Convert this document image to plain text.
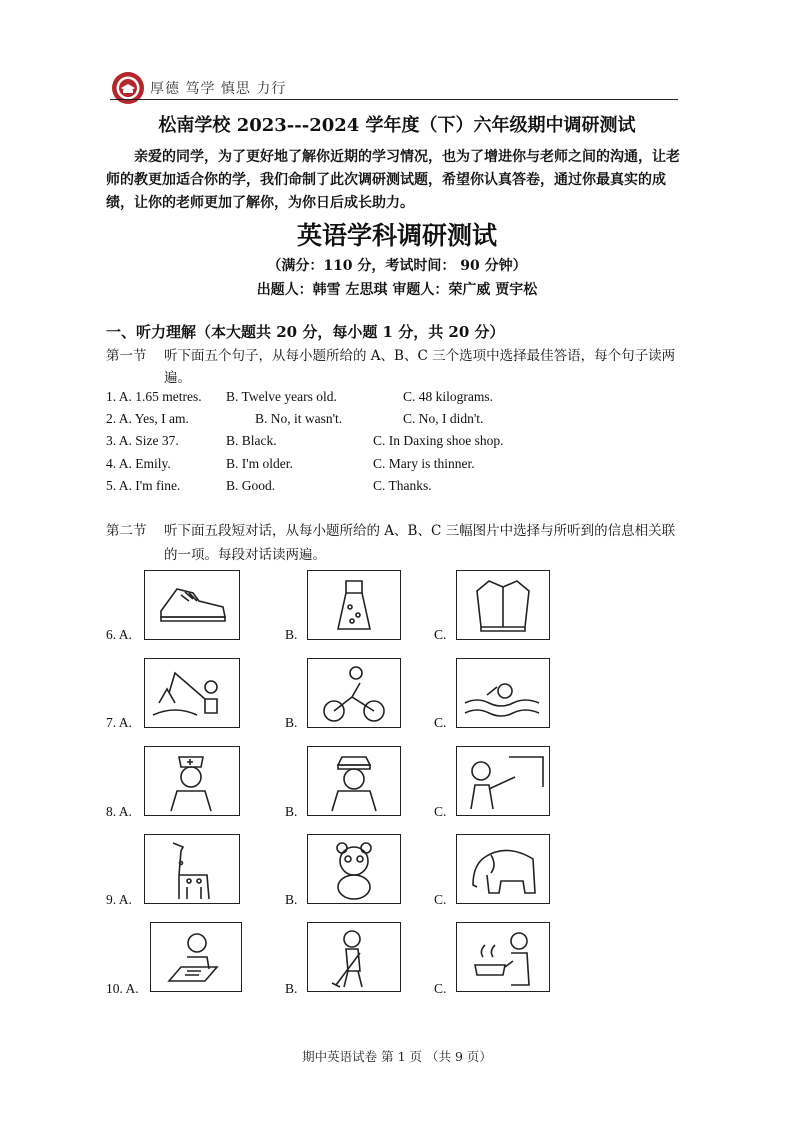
厚德 笃学 慎思 力行
松南学校 2023---2024 学年度（下）六年级期中调研测试

亲爱的同学，为了更好地了解你近期的学习情况，也为了增进你与老师之间的沟通，让老师的教更加适合你的学，我们命制了此次调研测试题，希望你认真答卷，通过你最真实的成绩，让你的老师更加了解你，为你日后成长助力。

英语学科调研测试
（满分：110 分，考试时间： 90 分钟）
出题人：韩雪 左思琪 审题人：荣广威 贾宇松
一、听力理解（本大题共 20 分，每小题 1 分，共 20 分）
第一节	听下面五个句子，从每小题所给的 A、B、C 三个选项中选择最佳答语，每个句子读两遍。
1. A. 1.65 metres. B. Twelve years old.	C. 48 kilograms.
2. A. Yes, I am.	B. No, it wasn't.	C. No, I didn't.
3. A. Size 37.	B. Black.	C. In Daxing shoe shop.
4. A. Emily.	B. I'm older.	C. Mary is thinner.
5. A. I'm fine.	B. Good.	C. Thanks.
第二节	听下面五段短对话，从每小题所给的 A、B、C 三幅图片中选择与所听到的信息相关联的一项。每段对话读两遍。
6. A.	B.	C.
7. A.	B.	C.
8. A.	B.	C.
9. A.	B.	C.
10. A.	B.	C.
期中英语试卷 第 1 页 （共 9 页）
